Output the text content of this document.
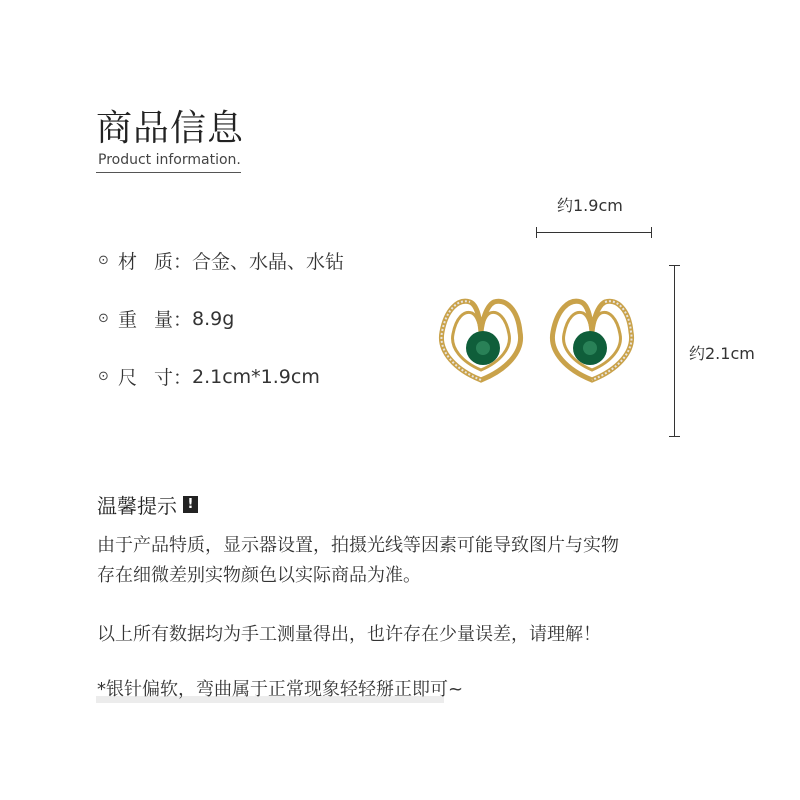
商品信息
Product information.
⊙ 材 质： 合金、水晶、水钻
⊙ 重 量： 8.9g
⊙ 尺 寸： 2.1cm*1.9cm
约1.9cm
约2.1cm
温馨提示 !
由于产品特质，显示器设置，拍摄光线等因素可能导致图片与实物
存在细微差别实物颜色以实际商品为准。
以上所有数据均为手工测量得出，也许存在少量误差，请理解！
*银针偏软，弯曲属于正常现象轻轻掰正即可~
